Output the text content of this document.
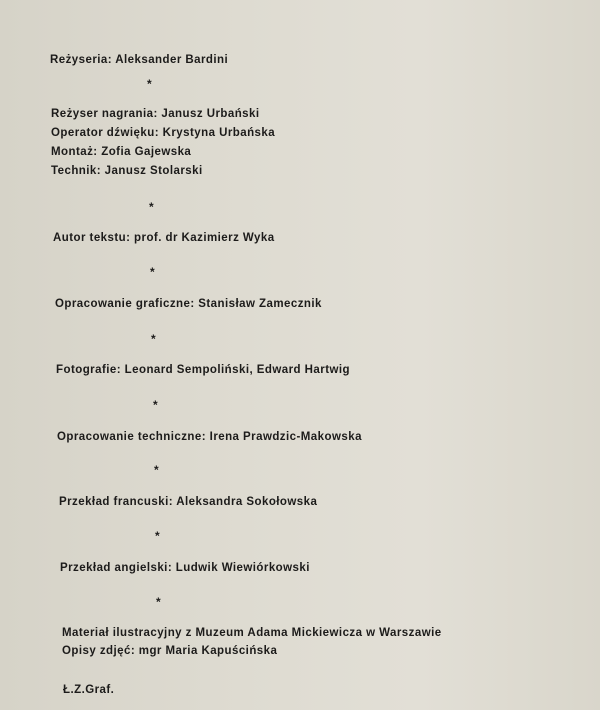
Reżyseria: Aleksander Bardini
*
Reżyser nagrania: Janusz Urbański
Operator dźwięku: Krystyna Urbańska
Montaż: Zofia Gajewska
Technik: Janusz Stolarski
*
Autor tekstu: prof. dr Kazimierz Wyka
*
Opracowanie graficzne: Stanisław Zamecznik
*
Fotografie: Leonard Sempoliński, Edward Hartwig
*
Opracowanie techniczne: Irena Prawdzic-Makowska
*
Przekład francuski: Aleksandra Sokołowska
*
Przekład angielski: Ludwik Wiewiórkowski
*
Materiał ilustracyjny z Muzeum Adama Mickiewicza w Warszawie
Opisy zdjęć: mgr Maria Kapuścińska
Ł.Z.Graf.
